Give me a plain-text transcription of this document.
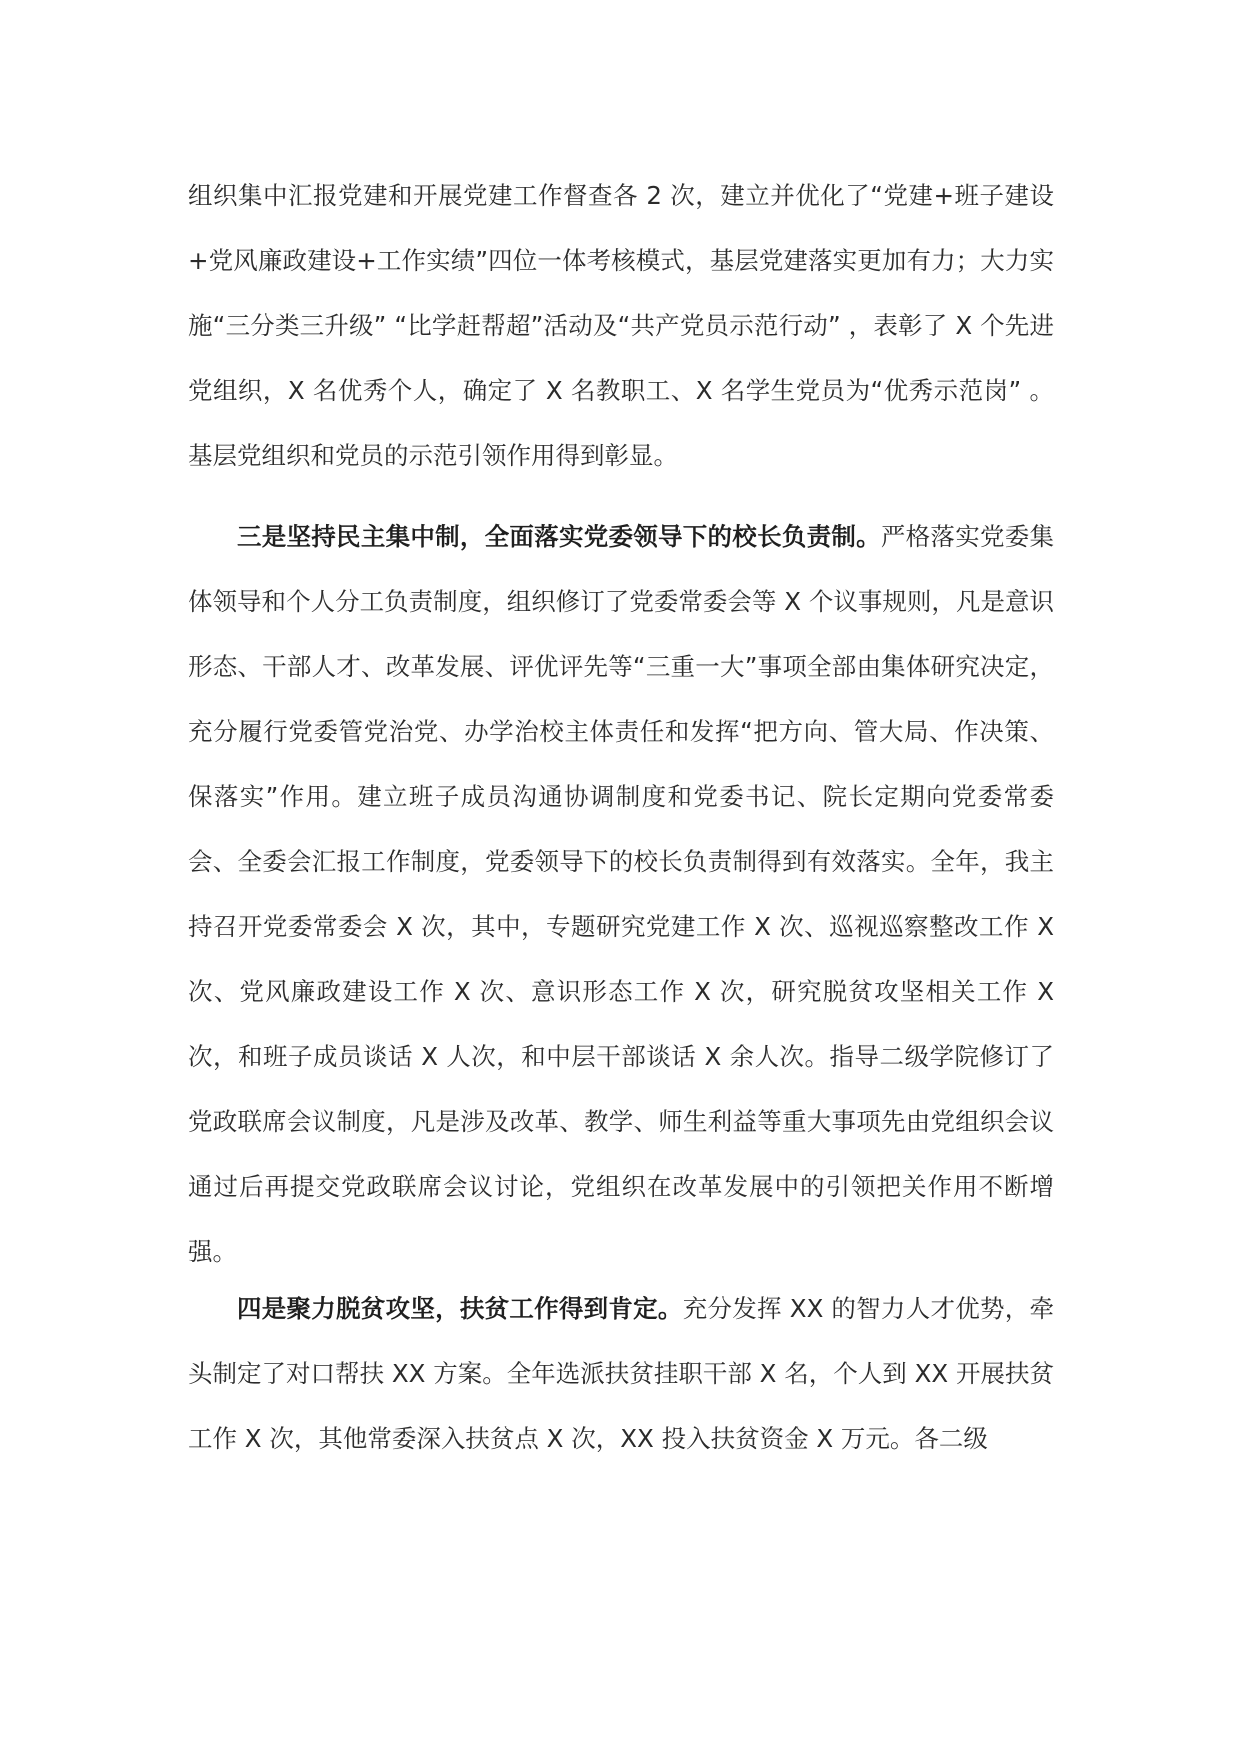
组织集中汇报党建和开展党建工作督查各 2 次，建立并优化了“党建+班子建设+党风廉政建设+工作实绩”四位一体考核模式，基层党建落实更加有力；大力实施“三分类三升级” “比学赶帮超”活动及“共产党员示范行动” ，表彰了 X 个先进党组织，X 名优秀个人，确定了 X 名教职工、X 名学生党员为“优秀示范岗” 。基层党组织和党员的示范引领作用得到彰显。

三是坚持民主集中制，全面落实党委领导下的校长负责制。严格落实党委集体领导和个人分工负责制度，组织修订了党委常委会等 X 个议事规则，凡是意识形态、干部人才、改革发展、评优评先等“三重一大”事项全部由集体研究决定，充分履行党委管党治党、办学治校主体责任和发挥“把方向、管大局、作决策、保落实”作用。建立班子成员沟通协调制度和党委书记、院长定期向党委常委会、全委会汇报工作制度，党委领导下的校长负责制得到有效落实。全年，我主持召开党委常委会 X 次，其中，专题研究党建工作 X 次、巡视巡察整改工作 X 次、党风廉政建设工作 X 次、意识形态工作 X 次，研究脱贫攻坚相关工作 X 次，和班子成员谈话 X 人次，和中层干部谈话 X 余人次。指导二级学院修订了党政联席会议制度，凡是涉及改革、教学、师生利益等重大事项先由党组织会议通过后再提交党政联席会议讨论，党组织在改革发展中的引领把关作用不断增强。

四是聚力脱贫攻坚，扶贫工作得到肯定。充分发挥 XX 的智力人才优势，牵头制定了对口帮扶 XX 方案。全年选派扶贫挂职干部 X 名，个人到 XX 开展扶贫工作 X 次，其他常委深入扶贫点 X 次，XX 投入扶贫资金 X 万元。各二级
